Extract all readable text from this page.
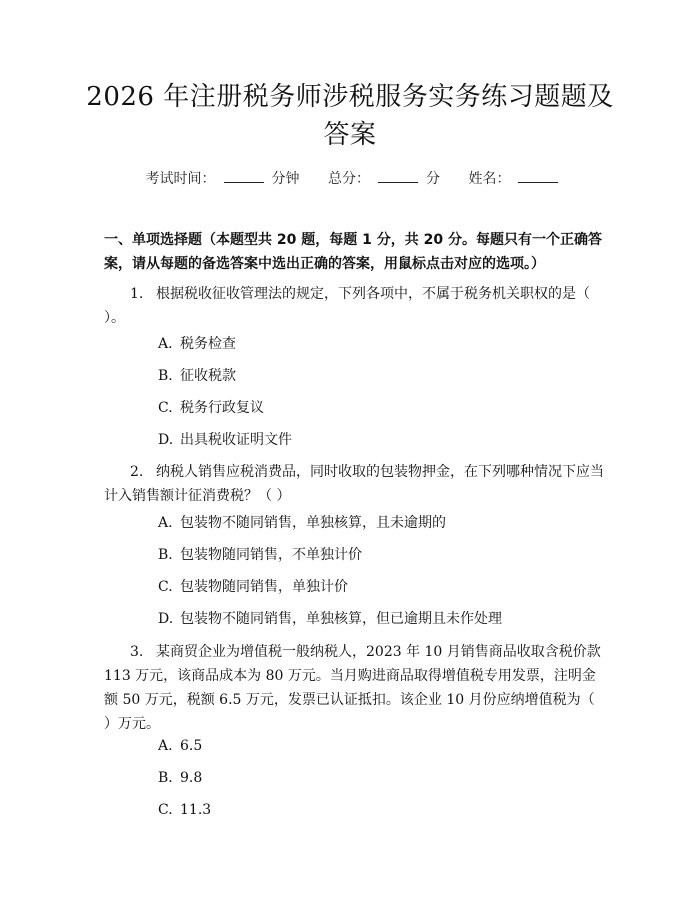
2026 年注册税务师涉税服务实务练习题题及
答案
考试时间：	分钟 总分：	分 姓名：
一、单项选择题（本题型共 20 题，每题 1 分，共 20 分。每题只有一个正确答案，请从每题的备选答案中选出正确的答案，用鼠标点击对应的选项。）
1. 根据税收征收管理法的规定，下列各项中，不属于税务机关职权的是（ ）。
A. 税务检查
B. 征收税款
C. 税务行政复议
D. 出具税收证明文件
2. 纳税人销售应税消费品，同时收取的包装物押金，在下列哪种情况下应当计入销售额计征消费税？（ ）
A. 包装物不随同销售，单独核算，且未逾期的
B. 包装物随同销售，不单独计价
C. 包装物随同销售，单独计价
D. 包装物不随同销售，单独核算，但已逾期且未作处理
3. 某商贸企业为增值税一般纳税人，2023 年 10 月销售商品收取含税价款 113 万元，该商品成本为 80 万元。当月购进商品取得增值税专用发票，注明金额 50 万元，税额 6.5 万元，发票已认证抵扣。该企业 10 月份应纳增值税为（ ）万元。
A. 6.5
B. 9.8
C. 11.3
